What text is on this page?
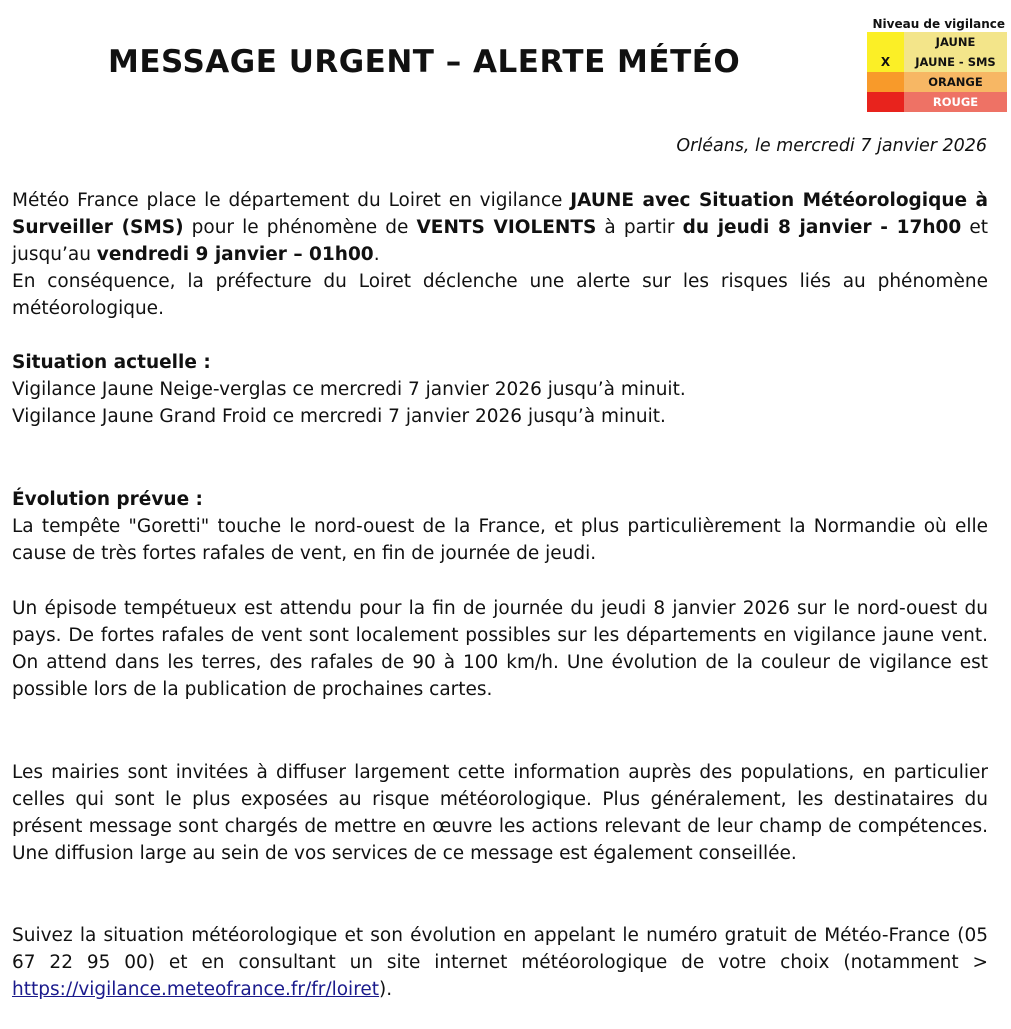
MESSAGE URGENT – ALERTE MÉTÉO
Niveau de vigilance
JAUNE
X	JAUNE - SMS
ORANGE
ROUGE
Orléans, le mercredi 7 janvier 2026

Météo France place le département du Loiret en vigilance JAUNE avec Situation Météorologique à Surveiller (SMS) pour le phénomène de VENTS VIOLENTS à partir du jeudi 8 janvier - 17h00 et jusqu’au vendredi 9 janvier – 01h00.

En conséquence, la préfecture du Loiret déclenche une alerte sur les risques liés au phénomène météorologique.

Situation actuelle :

Vigilance Jaune Neige-verglas ce mercredi 7 janvier 2026 jusqu’à minuit.

Vigilance Jaune Grand Froid ce mercredi 7 janvier 2026 jusqu’à minuit.

Évolution prévue :

La tempête "Goretti" touche le nord-ouest de la France, et plus particulièrement la Normandie où elle cause de très fortes rafales de vent, en fin de journée de jeudi.

Un épisode tempétueux est attendu pour la fin de journée du jeudi 8 janvier 2026 sur le nord-ouest du pays. De fortes rafales de vent sont localement possibles sur les départements en vigilance jaune vent. On attend dans les terres, des rafales de 90 à 100 km/h. Une évolution de la couleur de vigilance est possible lors de la publication de prochaines cartes.

Les mairies sont invitées à diffuser largement cette information auprès des populations, en particulier celles qui sont le plus exposées au risque météorologique. Plus généralement, les destinataires du présent message sont chargés de mettre en œuvre les actions relevant de leur champ de compétences. Une diffusion large au sein de vos services de ce message est également conseillée.

Suivez la situation météorologique et son évolution en appelant le numéro gratuit de Météo-France (05 67 22 95 00) et en consultant un site internet météorologique de votre choix (notamment > https://vigilance.meteofrance.fr/fr/loiret).
